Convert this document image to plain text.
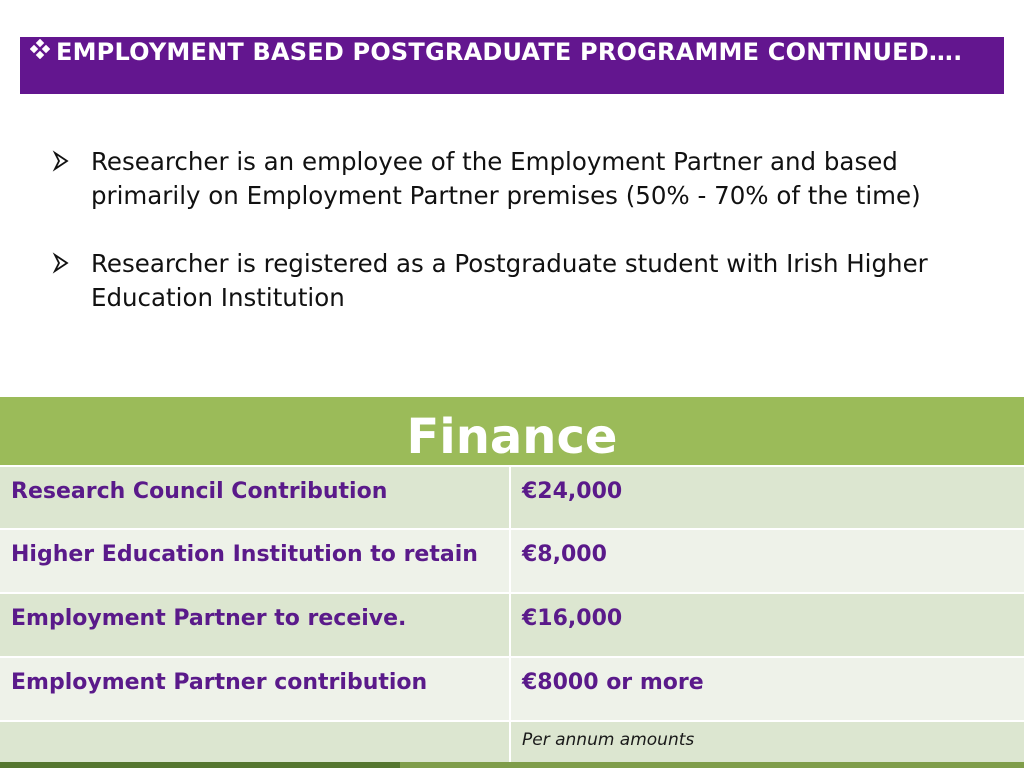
EMPLOYMENT BASED POSTGRADUATE PROGRAMME CONTINUED….
Researcher is an employee of the Employment Partner and based primarily on Employment Partner premises (50% - 70% of the time)
Researcher is registered as a Postgraduate student with Irish Higher Education Institution
Finance
Research Council Contribution	€24,000
Higher Education Institution to retain	€8,000
Employment Partner to receive.	€16,000
Employment Partner contribution	€8000 or more
Per annum amounts
